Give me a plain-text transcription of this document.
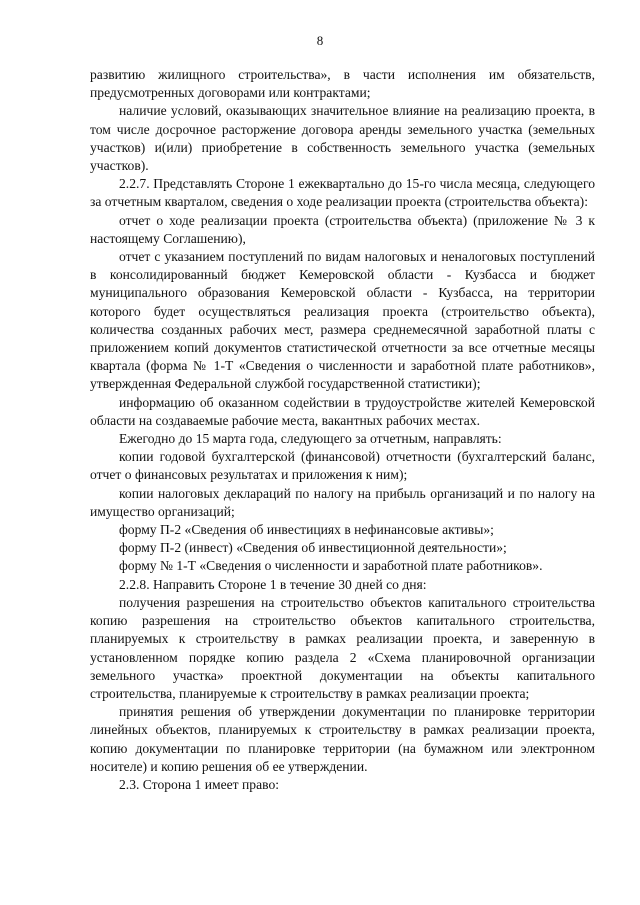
8

развитию жилищного строительства», в части исполнения им обязательств, предусмотренных договорами или контрактами;

наличие условий, оказывающих значительное влияние на реализацию проекта, в том числе досрочное расторжение договора аренды земельного участка (земельных участков) и(или) приобретение в собственность земельного участка (земельных участков).

2.2.7. Представлять Стороне 1 ежеквартально до 15-го числа месяца, следующего за отчетным кварталом, сведения о ходе реализации проекта (строительства объекта):

отчет о ходе реализации проекта (строительства объекта) (приложение № 3 к настоящему Соглашению),

отчет с указанием поступлений по видам налоговых и неналоговых поступлений в консолидированный бюджет Кемеровской области - Кузбасса и бюджет муниципального образования Кемеровской области - Кузбасса, на территории которого будет осуществляться реализация проекта (строительство объекта), количества созданных рабочих мест, размера среднемесячной заработной платы с приложением копий документов статистической отчетности за все отчетные месяцы квартала (форма № 1-Т «Сведения о численности и заработной плате работников», утвержденная Федеральной службой государственной статистики);

информацию об оказанном содействии в трудоустройстве жителей Кемеровской области на создаваемые рабочие места, вакантных рабочих местах.

Ежегодно до 15 марта года, следующего за отчетным, направлять:

копии годовой бухгалтерской (финансовой) отчетности (бухгалтерский баланс, отчет о финансовых результатах и приложения к ним);

копии налоговых деклараций по налогу на прибыль организаций и по налогу на имущество организаций;

форму П-2 «Сведения об инвестициях в нефинансовые активы»;

форму П-2 (инвест) «Сведения об инвестиционной деятельности»;

форму № 1-Т «Сведения о численности и заработной плате работников».

2.2.8. Направить Стороне 1 в течение 30 дней со дня:

получения разрешения на строительство объектов капитального строительства копию разрешения на строительство объектов капитального строительства, планируемых к строительству в рамках реализации проекта, и заверенную в установленном порядке копию раздела 2 «Схема планировочной организации земельного участка» проектной документации на объекты капитального строительства, планируемые к строительству в рамках реализации проекта;

принятия решения об утверждении документации по планировке территории линейных объектов, планируемых к строительству в рамках реализации проекта, копию документации по планировке территории (на бумажном или электронном носителе) и копию решения об ее утверждении.

2.3. Сторона 1 имеет право:
